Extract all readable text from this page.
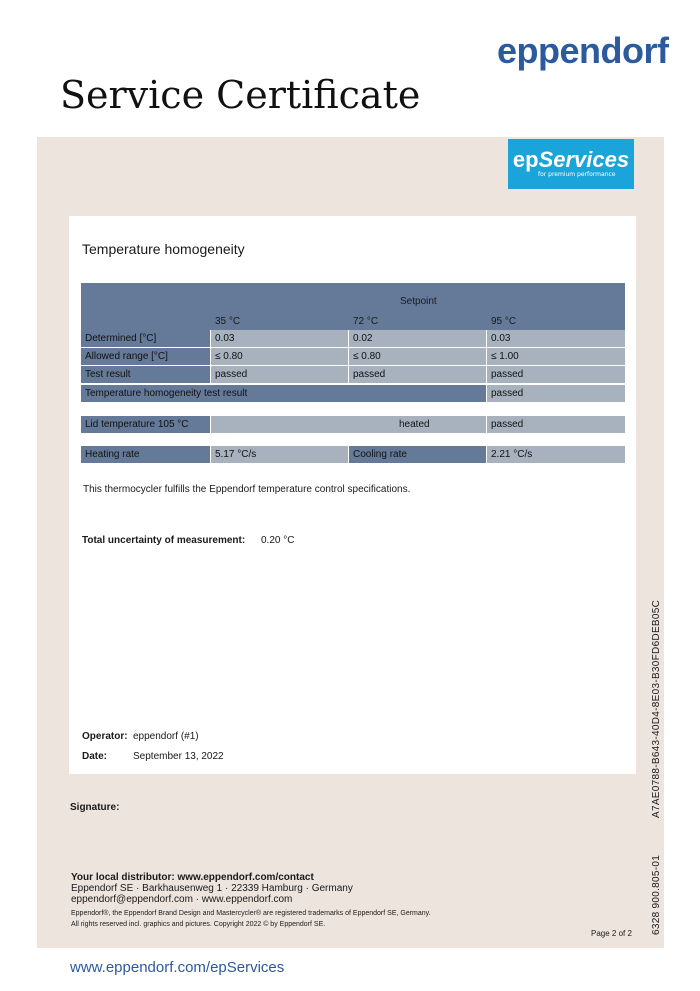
eppendorf
Service Certificate
epServices
for premium performance
Temperature homogeneity
Setpoint
35 °C	72 °C	95 °C
Determined [°C]	0.03	0.02	0.03
Allowed range [°C]	≤ 0.80	≤ 0.80	≤ 1.00
Test result	passed	passed	passed
Temperature homogeneity test result	passed
Lid temperature 105 °C	heated	passed
Heating rate	5.17 °C/s	Cooling rate	2.21 °C/s
This thermocycler fulfills the Eppendorf temperature control specifications.
Total uncertainty of measurement: 0.20 °C
Operator: eppendorf (#1)
Date:	September 13, 2022
Signature:
Your local distributor: www.eppendorf.com/contact
Eppendorf SE · Barkhausenweg 1 · 22339 Hamburg · Germany
eppendorf@eppendorf.com · www.eppendorf.com
Eppendorf®, the Eppendorf Brand Design and Mastercycler® are registered trademarks of Eppendorf SE, Germany.
All rights reserved incl. graphics and pictures. Copyright 2022 © by Eppendorf SE.
Page 2 of 2
A7AE0788-B643-40D4-8E03-B30FD6DEB05C
6328 900.805-01
www.eppendorf.com/epServices
